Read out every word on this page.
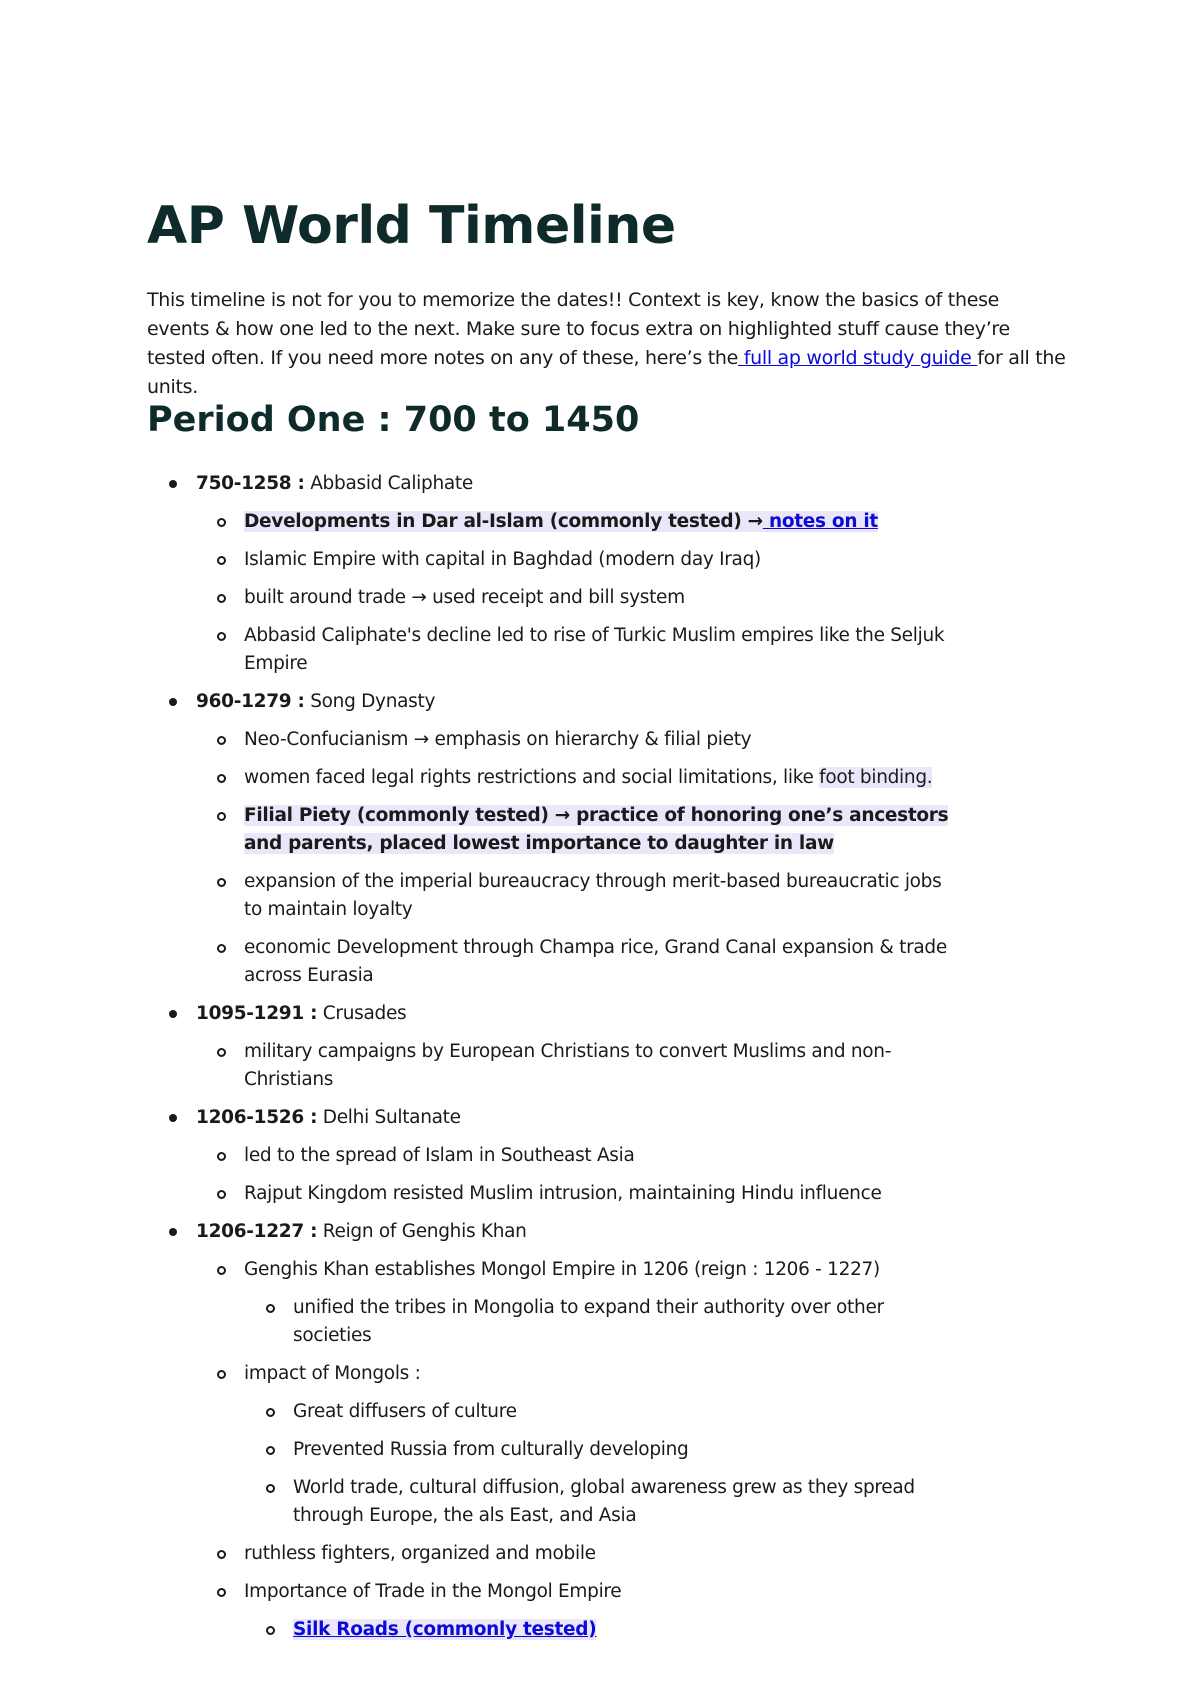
AP World Timeline

This timeline is not for you to memorize the dates!! Context is key, know the basics of these events & how one led to the next. Make sure to focus extra on highlighted stuff cause they’re tested often. If you need more notes on any of these, here’s the full ap world study guide for all the units.

Period One : 700 to 1450
750-1258 : Abbasid Caliphate
Developments in Dar al-Islam (commonly tested) → notes on it
Islamic Empire with capital in Baghdad (modern day Iraq)
built around trade → used receipt and bill system
Abbasid Caliphate's decline led to rise of Turkic Muslim empires like the Seljuk Empire
960-1279 : Song Dynasty
Neo-Confucianism → emphasis on hierarchy & filial piety
women faced legal rights restrictions and social limitations, like foot binding.
Filial Piety (commonly tested) → practice of honoring one’s ancestors and parents, placed lowest importance to daughter in law
expansion of the imperial bureaucracy through merit-based bureaucratic jobs to maintain loyalty
economic Development through Champa rice, Grand Canal expansion & trade across Eurasia
1095-1291 : Crusades
military campaigns by European Christians to convert Muslims and non-Christians
1206-1526 : Delhi Sultanate
led to the spread of Islam in Southeast Asia
Rajput Kingdom resisted Muslim intrusion, maintaining Hindu influence
1206-1227 : Reign of Genghis Khan
Genghis Khan establishes Mongol Empire in 1206 (reign : 1206 - 1227)
unified the tribes in Mongolia to expand their authority over other societies
impact of Mongols :
Great diffusers of culture
Prevented Russia from culturally developing
World trade, cultural diffusion, global awareness grew as they spread through Europe, the als East, and Asia
ruthless fighters, organized and mobile
Importance of Trade in the Mongol Empire
Silk Roads (commonly tested)
